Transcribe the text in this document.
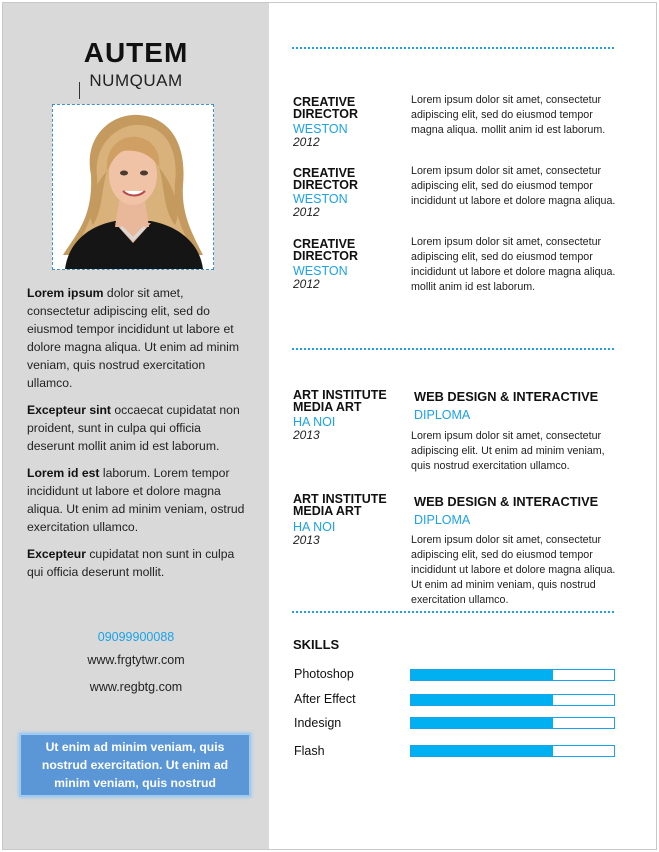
AUTEM
NUMQUAM

Lorem ipsum dolor sit amet, consectetur adipiscing elit, sed do eiusmod tempor incididunt ut labore et dolore magna aliqua. Ut enim ad minim veniam, quis nostrud exercitation ullamco.

Excepteur sint occaecat cupidatat non proident, sunt in culpa qui officia deserunt mollit anim id est laborum.

Lorem id est laborum. Lorem tempor incididunt ut labore et dolore magna aliqua. Ut enim ad minim veniam, ostrud exercitation ullamco.

Excepteur cupidatat non sunt in culpa qui officia deserunt mollit.

09099900088
www.frgtytwr.com
www.regbtg.com
Ut enim ad minim veniam, quis nostrud exercitation. Ut enim ad minim veniam, quis nostrud
CREATIVE
DIRECTOR
WESTON
2012
Lorem ipsum dolor sit amet, consectetur adipiscing elit, sed do eiusmod tempor magna aliqua. mollit anim id est laborum.
CREATIVE
DIRECTOR
WESTON
2012
Lorem ipsum dolor sit amet, consectetur adipiscing elit, sed do eiusmod tempor incididunt ut labore et dolore magna aliqua.
CREATIVE
DIRECTOR
WESTON
2012
Lorem ipsum dolor sit amet, consectetur adipiscing elit, sed do eiusmod tempor incididunt ut labore et dolore magna aliqua. mollit anim id est laborum.
ART INSTITUTE
MEDIA ART
HA NOI
2013
WEB DESIGN & INTERACTIVE
DIPLOMA
Lorem ipsum dolor sit amet, consectetur adipiscing elit. Ut enim ad minim veniam, quis nostrud exercitation ullamco.
ART INSTITUTE
MEDIA ART
HA NOI
2013
WEB DESIGN & INTERACTIVE
DIPLOMA
Lorem ipsum dolor sit amet, consectetur adipiscing elit, sed do eiusmod tempor incididunt ut labore et dolore magna aliqua. Ut enim ad minim veniam, quis nostrud exercitation ullamco.
SKILLS
Photoshop
After Effect
Indesign
Flash
